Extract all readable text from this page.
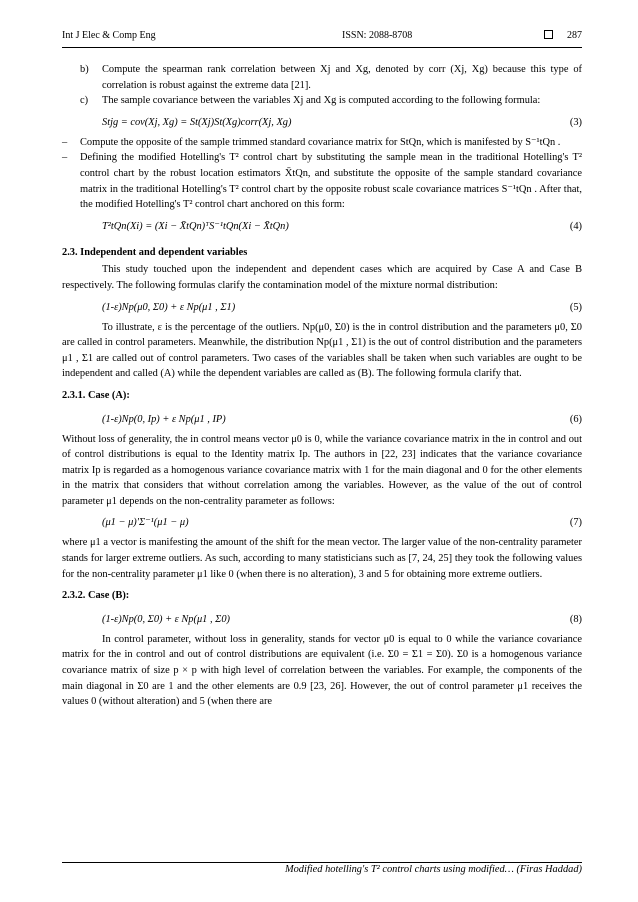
Int J Elec & Comp Eng	ISSN: 2088-8708	287
b) Compute the spearman rank correlation between Xj and Xg, denoted by corr (Xj, Xg) because this type of correlation is robust against the extreme data [21].
c) The sample covariance between the variables Xj and Xg is computed according to the following formula:
Stjg = cov(Xj, Xg) = St(Xj)St(Xg)corr(Xj, Xg)	(3)
– Compute the opposite of the sample trimmed standard covariance matrix for StQn, which is manifested by S⁻¹tQn .
– Defining the modified Hotelling's T² control chart by substituting the sample mean in the traditional Hotelling's T² control chart by the robust location estimators X̄tQn, and substitute the opposite of the sample standard covariance matrix in the traditional Hotelling's T² control chart by the opposite robust scale covariance matrices S⁻¹tQn . After that, the modified Hotelling's T² control chart anchored on this form:
T²tQn(Xi) = (Xi − X̄tQn)ᵀS⁻¹tQn(Xi − X̄tQn)	(4)
2.3. Independent and dependent variables

This study touched upon the independent and dependent cases which are acquired by Case A and Case B respectively. The following formulas clarify the contamination model of the mixture normal distribution:

(1-ε)Np(μ0, Σ0) + ε Np(μ1 , Σ1)	(5)

To illustrate, ε is the percentage of the outliers. Np(μ0, Σ0) is the in control distribution and the parameters μ0, Σ0 are called in control parameters. Meanwhile, the distribution Np(μ1 , Σ1) is the out of control distribution and the parameters μ1 , Σ1 are called out of control parameters. Two cases of the variables shall be taken when such variables are ought to be independent and called (A) while the dependent variables are called as (B). The following formula clarify that.

2.3.1. Case (A):
(1-ε)Np(0, Ip) + ε Np(μ1 , IP)	(6)

Without loss of generality, the in control means vector μ0 is 0, while the variance covariance matrix in the in control and out of control distributions is equal to the Identity matrix Ip. The authors in [22, 23] indicates that the variance covariance matrix Ip is regarded as a homogenous variance covariance matrix with 1 for the main diagonal and 0 for the other elements in the matrix that considers that without correlation among the variables. However, as the value of the out of control parameter μ1 depends on the non-centrality parameter as follows:

(μ1 − μ)′Σ⁻¹(μ1 − μ)	(7)

where μ1 a vector is manifesting the amount of the shift for the mean vector. The larger value of the non-centrality parameter stands for larger extreme outliers. As such, according to many statisticians such as [7, 24, 25] they took the following values for the non-centrality parameter μ1 like 0 (when there is no alteration), 3 and 5 for obtaining more extreme outliers.

2.3.2. Case (B):
(1-ε)Np(0, Σ0) + ε Np(μ1 , Σ0)	(8)

In control parameter, without loss in generality, stands for vector μ0 is equal to 0 while the variance covariance matrix for the in control and out of control distributions are equivalent (i.e. Σ0 = Σ1 = Σ0). Σ0 is a homogenous variance covariance matrix of size p × p with high level of correlation between the variables. For example, the components of the main diagonal in Σ0 are 1 and the other elements are 0.9 [23, 26]. However, the out of control parameter μ1 receives the values 0 (without alteration) and 5 (when there are

Modified hotelling's T² control charts using modified… (Firas Haddad)
